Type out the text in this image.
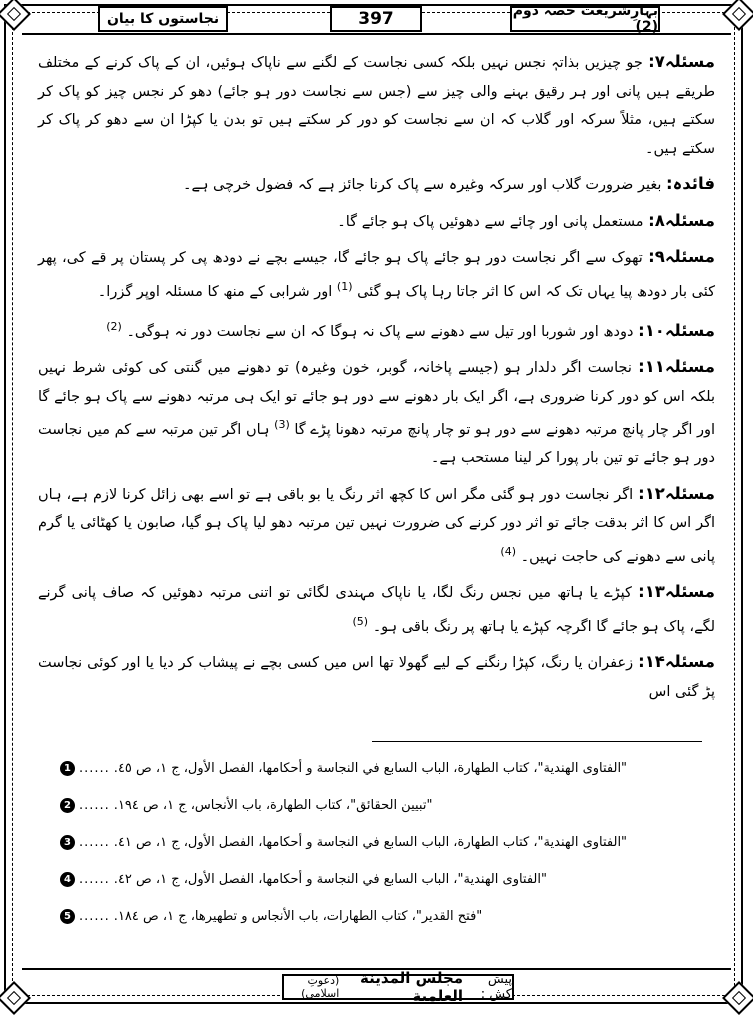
نجاستوں کا بیان	397	بہارِشریعت حصہ دوم (2)

مسئلہ۷: جو چیزیں بذاتہٖ نجس نہیں بلکہ کسی نجاست کے لگنے سے ناپاک ہوئیں، ان کے پاک کرنے کے مختلف طریقے ہیں پانی اور ہر رقیق بہنے والی چیز سے (جس سے نجاست دور ہو جائے) دھو کر نجس چیز کو پاک کر سکتے ہیں، مثلاً سرکہ اور گلاب کہ ان سے نجاست کو دور کر سکتے ہیں تو بدن یا کپڑا ان سے دھو کر پاک کر سکتے ہیں۔

فائدہ: بغیر ضرورت گلاب اور سرکہ وغیرہ سے پاک کرنا جائز ہے کہ فضول خرچی ہے۔

مسئلہ۸: مستعمل پانی اور چائے سے دھوئیں پاک ہو جائے گا۔

مسئلہ۹: تھوک سے اگر نجاست دور ہو جائے پاک ہو جائے گا، جیسے بچے نے دودھ پی کر پستان پر قے کی، پھر کئی بار دودھ پیا یہاں تک کہ اس کا اثر جاتا رہا پاک ہو گئی $^{(1)}$ اور شرابی کے منھ کا مسئلہ اوپر گزرا۔

مسئلہ۱۰: دودھ اور شوربا اور تیل سے دھونے سے پاک نہ ہوگا کہ ان سے نجاست دور نہ ہوگی۔ $^{(2)}$

مسئلہ۱۱: نجاست اگر دلدار ہو (جیسے پاخانہ، گوبر، خون وغیرہ) تو دھونے میں گنتی کی کوئی شرط نہیں بلکہ اس کو دور کرنا ضروری ہے، اگر ایک بار دھونے سے دور ہو جائے تو ایک ہی مرتبہ دھونے سے پاک ہو جائے گا اور اگر چار پانچ مرتبہ دھونے سے دور ہو تو چار پانچ مرتبہ دھونا پڑے گا $^{(3)}$ ہاں اگر تین مرتبہ سے کم میں نجاست دور ہو جائے تو تین بار پورا کر لینا مستحب ہے۔

مسئلہ۱۲: اگر نجاست دور ہو گئی مگر اس کا کچھ اثر رنگ یا بو باقی ہے تو اسے بھی زائل کرنا لازم ہے، ہاں اگر اس کا اثر بدقت جائے تو اثر دور کرنے کی ضرورت نہیں تین مرتبہ دھو لیا پاک ہو گیا، صابون یا کھٹائی یا گرم پانی سے دھونے کی حاجت نہیں۔ $^{(4)}$

مسئلہ۱۳: کپڑے یا ہاتھ میں نجس رنگ لگا، یا ناپاک مہندی لگائی تو اتنی مرتبہ دھوئیں کہ صاف پانی گرنے لگے، پاک ہو جائے گا اگرچہ کپڑے یا ہاتھ پر رنگ باقی ہو۔ $^{(5)}$

مسئلہ۱۴: زعفران یا رنگ، کپڑا رنگنے کے لیے گھولا تھا اس میں کسی بچے نے پیشاب کر دیا یا اور کوئی نجاست پڑ گئی اس

1 ...... "الفتاوى الهندية"، كتاب الطهارة، الباب السابع في النجاسة و أحكامها، الفصل الأول، ج ١، ص ٤٥.
2 ...... "تبيين الحقائق"، كتاب الطهارة، باب الأنجاس، ج ١، ص ١٩٤.
3 ...... "الفتاوى الهندية"، كتاب الطهارة، الباب السابع في النجاسة و أحكامها، الفصل الأول، ج ١، ص ٤١.
4 ...... "الفتاوى الهندية"، الباب السابع في النجاسة و أحكامها، الفصل الأول، ج ١، ص ٤٢.
5 ...... "فتح القدير"، كتاب الطهارات، باب الأنجاس و تطهيرها، ج ١، ص ١٨٤.
پیش کش :

مجلس المدينة العلمية

(دعوتِ اسلامی)
